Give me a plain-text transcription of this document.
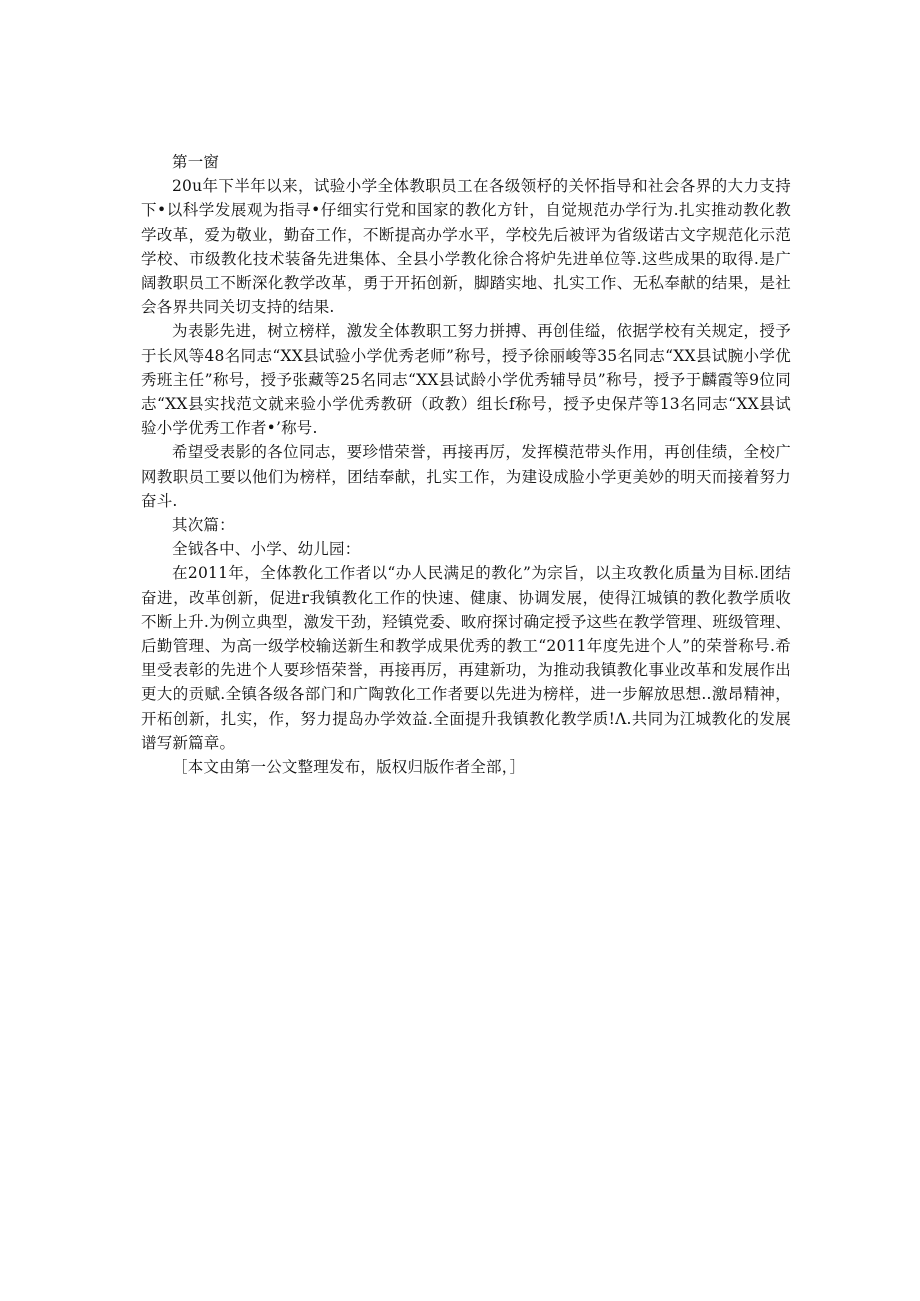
第一窗

20u年下半年以来，试验小学全体教职员工在各级领杼的关怀指导和社会各界的大力支持下•以科学发展观为指寻•仔细实行党和国家的教化方针，自觉规范办学行为.扎实推动教化教学改革，爱为敬业，勤奋工作，不断提高办学水平，学校先后被评为省级诺古文字规范化示范学校、市级教化技术装备先进集体、全县小学教化徐合将炉先进单位等.这些成果的取得.是广阔教职员工不断深化教学改革，勇于开拓创新，脚踏实地、扎实工作、无私奉献的结果，是社会各界共同关切支持的结果.

为表影先进，树立榜样，激发全体教职工努力拼搏、再创佳缢，依据学校有关规定，授予于长风等48名同志“XX县试验小学优秀老师”称号，授予徐丽峻等35名同志“XX县试腕小学优秀班主任”称号，授予张藏等25名同志“XX县试龄小学优秀辅导员”称号，授予于麟霞等9位同志“XX县实找范文就来验小学优秀教研（政教）组长f称号，授予史保芹等13名同志“XX县试验小学优秀工作者•’称号.

希望受表影的各位同志，要珍惜荣誉，再接再厉，发挥模范带头作用，再创佳绩，全校广网教职员工要以他们为榜样，团结奉献，扎实工作，为建设成脸小学更美妙的明天而接着努力奋斗.

其次篇：

全钺各中、小学、幼儿园：

在2011年，全体教化工作者以“办人民满足的教化”为宗旨，以主攻教化质量为目标.团结奋进，改革创新，促进r我镇教化工作的快速、健康、协调发展，使得江城镇的教化教学质收不断上升.为例立典型，激发干劲，羟镇党委、畋府探讨确定授予这些在教学管理、班级管理、后勤管理、为高一级学校输送新生和教学成果优秀的教工“2011年度先进个人”的荣誉称号.希里受表彰的先进个人要珍悟荣誉，再接再厉，再建新功，为推动我镇教化事业改革和发展作出更大的贡赋.全镇各级各部门和广陶敦化工作者要以先进为榜样，进一步解放思想..激昂精神，开柘创新，扎实，作，努力提岛办学效益.全面提升我镇教化教学质!Λ.共同为江城教化的发展谱写新篇章。

［本文由第一公文整理发布，版权归版作者全部，］
